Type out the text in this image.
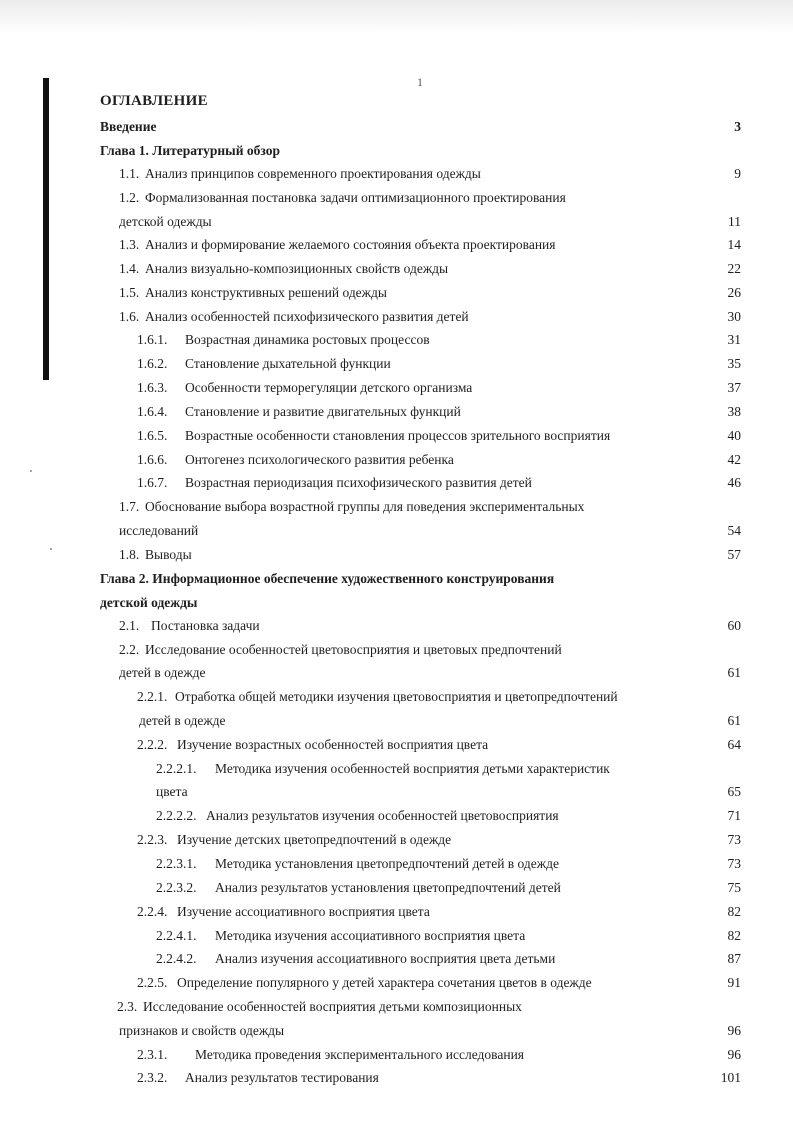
1
ОГЛАВЛЕНИЕ
Введение	3
Глава 1. Литературный обзор
1.1. Анализ принципов современного проектирования одежды	9
1.2. Формализованная постановка задачи оптимизационного проектирования
детской одежды	11
1.3. Анализ и формирование желаемого состояния объекта проектирования	14
1.4. Анализ визуально-композиционных свойств одежды	22
1.5. Анализ конструктивных решений одежды	26
1.6. Анализ особенностей психофизического развития детей	30
1.6.1. Возрастная динамика ростовых процессов	31
1.6.2. Становление дыхательной функции	35
1.6.3. Особенности терморегуляции детского организма	37
1.6.4. Становление и развитие двигательных функций	38
1.6.5. Возрастные особенности становления процессов зрительного восприятия	40
1.6.6. Онтогенез психологического развития ребенка	42
1.6.7. Возрастная периодизация психофизического развития детей	46
1.7. Обоснование выбора возрастной группы для поведения экспериментальных
исследований	54
1.8. Выводы	57
Глава 2. Информационное обеспечение художественного конструирования
детской одежды
2.1. Постановка задачи	60
2.2. Исследование особенностей цветовосприятия и цветовых предпочтений
детей в одежде	61
2.2.1. Отработка общей методики изучения цветовосприятия и цветопредпочтений
детей в одежде	61
2.2.2. Изучение возрастных особенностей восприятия цвета	64
2.2.2.1. Методика изучения особенностей восприятия детьми характеристик
цвета	65
2.2.2.2. Анализ результатов изучения особенностей цветовосприятия	71
2.2.3. Изучение детских цветопредпочтений в одежде	73
2.2.3.1. Методика установления цветопредпочтений детей в одежде	73
2.2.3.2. Анализ результатов установления цветопредпочтений детей	75
2.2.4. Изучение ассоциативного восприятия цвета	82
2.2.4.1. Методика изучения ассоциативного восприятия цвета	82
2.2.4.2. Анализ изучения ассоциативного восприятия цвета детьми	87
2.2.5. Определение популярного у детей характера сочетания цветов в одежде	91
2.3. Исследование особенностей восприятия детьми композиционных
признаков и свойств одежды	96
2.3.1. Методика проведения экспериментального исследования	96
2.3.2. Анализ результатов тестирования	101
